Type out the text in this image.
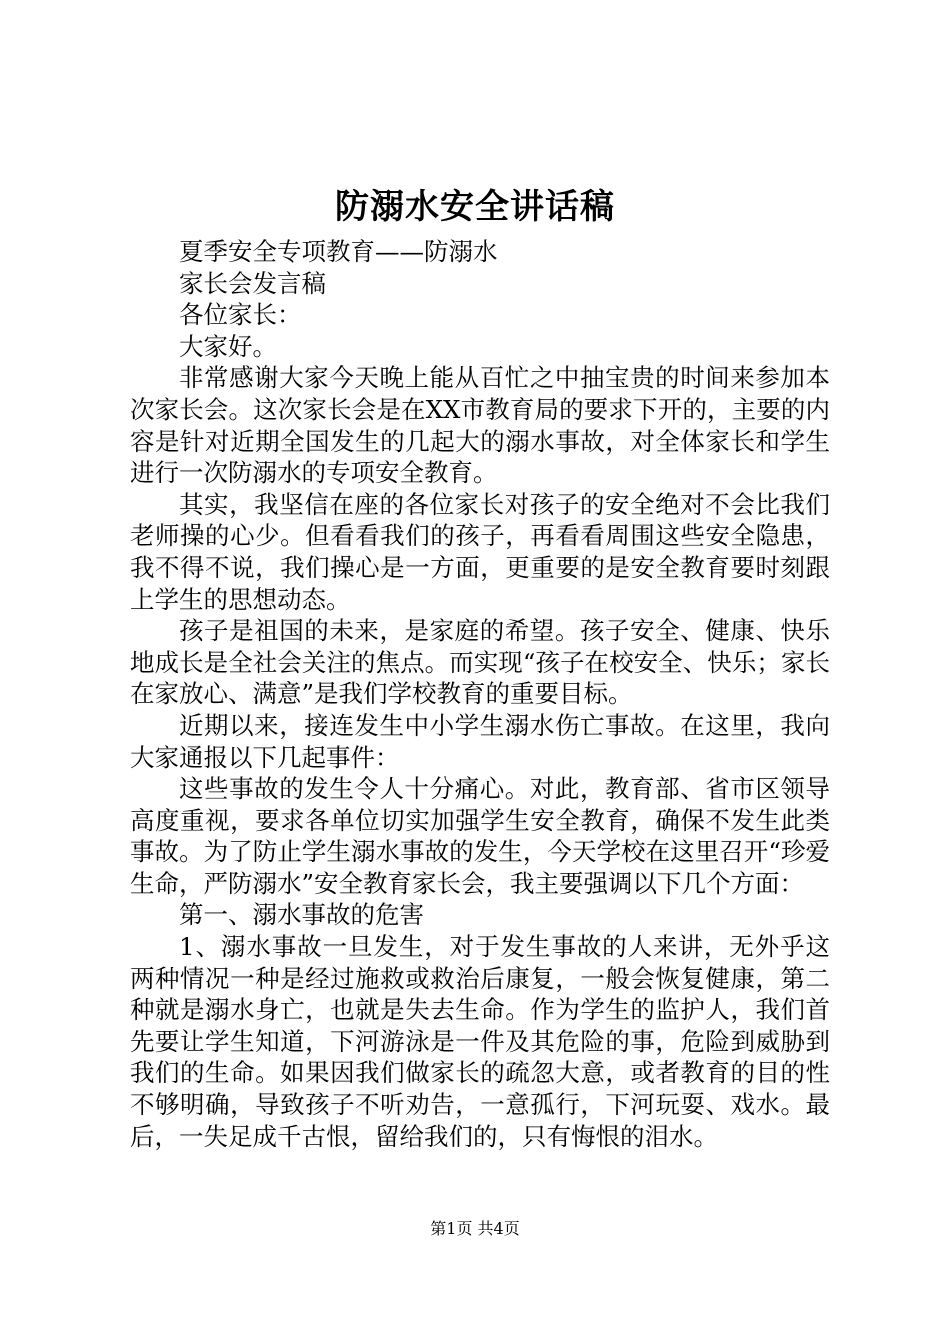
防溺水安全讲话稿

夏季安全专项教育——防溺水

家长会发言稿

各位家长：

大家好。

非常感谢大家今天晚上能从百忙之中抽宝贵的时间来参加本次家长会。这次家长会是在XX市教育局的要求下开的，主要的内容是针对近期全国发生的几起大的溺水事故，对全体家长和学生进行一次防溺水的专项安全教育。

其实，我坚信在座的各位家长对孩子的安全绝对不会比我们老师操的心少。但看看我们的孩子，再看看周围这些安全隐患，我不得不说，我们操心是一方面，更重要的是安全教育要时刻跟上学生的思想动态。

孩子是祖国的未来，是家庭的希望。孩子安全、健康、快乐地成长是全社会关注的焦点。而实现“孩子在校安全、快乐；家长在家放心、满意”是我们学校教育的重要目标。

近期以来，接连发生中小学生溺水伤亡事故。在这里，我向大家通报以下几起事件：

这些事故的发生令人十分痛心。对此，教育部、省市区领导高度重视，要求各单位切实加强学生安全教育，确保不发生此类事故。为了防止学生溺水事故的发生，今天学校在这里召开“珍爱生命，严防溺水”安全教育家长会，我主要强调以下几个方面：

第一、溺水事故的危害

1、溺水事故一旦发生，对于发生事故的人来讲，无外乎这两种情况一种是经过施救或救治后康复，一般会恢复健康，第二种就是溺水身亡，也就是失去生命。作为学生的监护人，我们首先要让学生知道，下河游泳是一件及其危险的事，危险到威胁到我们的生命。如果因我们做家长的疏忽大意，或者教育的目的性不够明确，导致孩子不听劝告，一意孤行，下河玩耍、戏水。最后，一失足成千古恨，留给我们的，只有悔恨的泪水。

第1页 共4页
